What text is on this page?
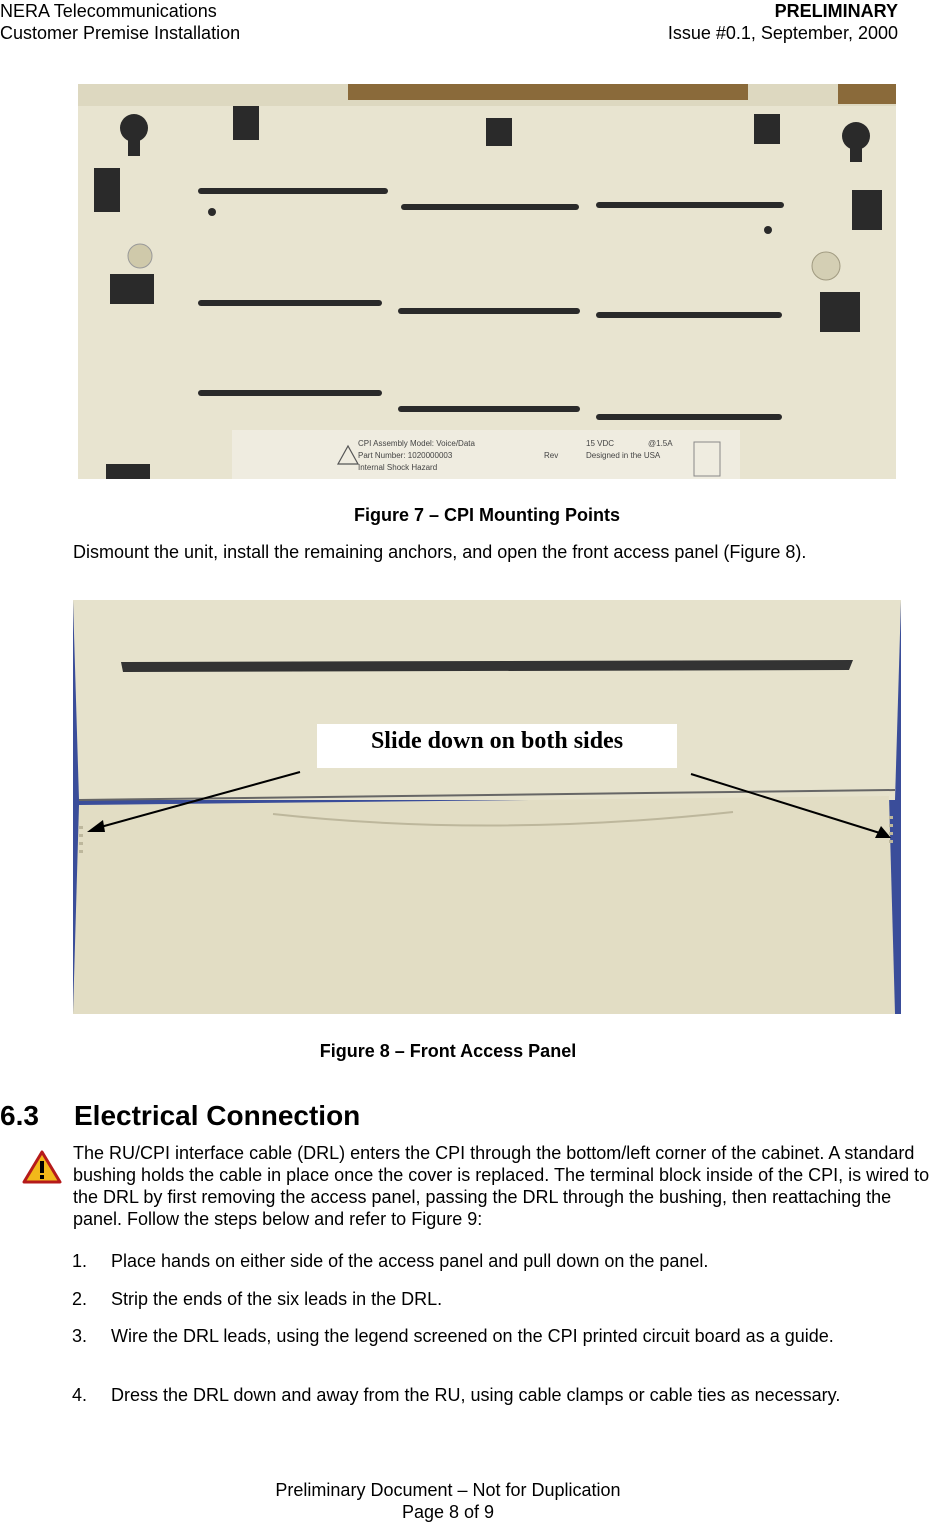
NERA Telecommunications
Customer Premise Installation
PRELIMINARY
Issue #0.1, September, 2000
CPI Assembly Model: Voice/Data
Part Number: 1020000003
Internal Shock Hazard
Designed in the USA
Rev
15 VDC	@1.5A
Figure 7 – CPI Mounting Points
Dismount the unit, install the remaining anchors, and open the front access panel (Figure 8).
Slide down on both sides
Figure 8 – Front Access Panel
6.3 Electrical Connection
The RU/CPI interface cable (DRL) enters the CPI through the bottom/left corner of the cabinet. A standard bushing holds the cable in place once the cover is replaced. The terminal block inside of the CPI, is wired to the DRL by first removing the access panel, passing the DRL through the bushing, then reattaching the panel. Follow the steps below and refer to Figure 9:
1. Place hands on either side of the access panel and pull down on the panel.
2. Strip the ends of the six leads in the DRL.
3. Wire the DRL leads, using the legend screened on the CPI printed circuit board as a guide.
4. Dress the DRL down and away from the RU, using cable clamps or cable ties as necessary.
Preliminary Document – Not for Duplication
Page 8 of 9
